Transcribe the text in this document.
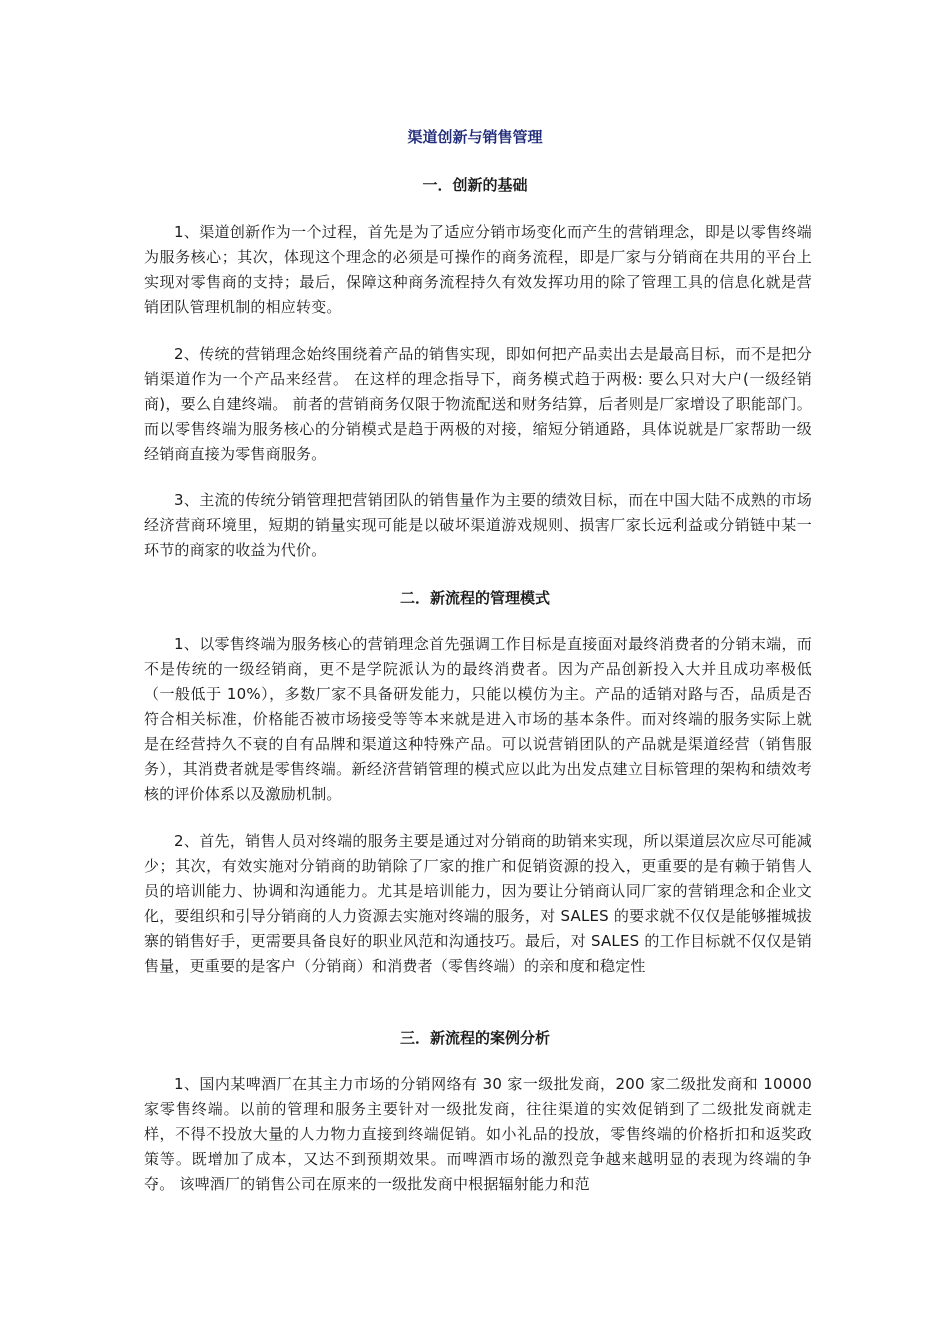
渠道创新与销售管理
一．创新的基础

1、渠道创新作为一个过程，首先是为了适应分销市场变化而产生的营销理念，即是以零售终端为服务核心；其次，体现这个理念的必须是可操作的商务流程，即是厂家与分销商在共用的平台上实现对零售商的支持；最后，保障这种商务流程持久有效发挥功用的除了管理工具的信息化就是营销团队管理机制的相应转变。

2、传统的营销理念始终围绕着产品的销售实现，即如何把产品卖出去是最高目标，而不是把分销渠道作为一个产品来经营。 在这样的理念指导下，商务模式趋于两极: 要么只对大户(一级经销商)，要么自建终端。 前者的营销商务仅限于物流配送和财务结算，后者则是厂家增设了职能部门。而以零售终端为服务核心的分销模式是趋于两极的对接，缩短分销通路，具体说就是厂家帮助一级经销商直接为零售商服务。

3、主流的传统分销管理把营销团队的销售量作为主要的绩效目标，而在中国大陆不成熟的市场经济营商环境里，短期的销量实现可能是以破坏渠道游戏规则、损害厂家长远利益或分销链中某一环节的商家的收益为代价。

二．新流程的管理模式

1、以零售终端为服务核心的营销理念首先强调工作目标是直接面对最终消费者的分销末端，而不是传统的一级经销商，更不是学院派认为的最终消费者。因为产品创新投入大并且成功率极低（一般低于 10%），多数厂家不具备研发能力，只能以模仿为主。产品的适销对路与否，品质是否符合相关标准，价格能否被市场接受等等本来就是进入市场的基本条件。而对终端的服务实际上就是在经营持久不衰的自有品牌和渠道这种特殊产品。可以说营销团队的产品就是渠道经营（销售服务），其消费者就是零售终端。新经济营销管理的模式应以此为出发点建立目标管理的架构和绩效考核的评价体系以及激励机制。

2、首先，销售人员对终端的服务主要是通过对分销商的助销来实现，所以渠道层次应尽可能减少；其次，有效实施对分销商的助销除了厂家的推广和促销资源的投入，更重要的是有赖于销售人员的培训能力、协调和沟通能力。尤其是培训能力，因为要让分销商认同厂家的营销理念和企业文化，要组织和引导分销商的人力资源去实施对终端的服务，对 SALES 的要求就不仅仅是能够摧城拔寨的销售好手，更需要具备良好的职业风范和沟通技巧。最后，对 SALES 的工作目标就不仅仅是销售量，更重要的是客户（分销商）和消费者（零售终端）的亲和度和稳定性

三．新流程的案例分析

1、国内某啤酒厂在其主力市场的分销网络有 30 家一级批发商，200 家二级批发商和 10000 家零售终端。以前的管理和服务主要针对一级批发商，往往渠道的实效促销到了二级批发商就走样，不得不投放大量的人力物力直接到终端促销。如小礼品的投放，零售终端的价格折扣和返奖政策等。既增加了成本，又达不到预期效果。而啤酒市场的激烈竞争越来越明显的表现为终端的争夺。 该啤酒厂的销售公司在原来的一级批发商中根据辐射能力和范
